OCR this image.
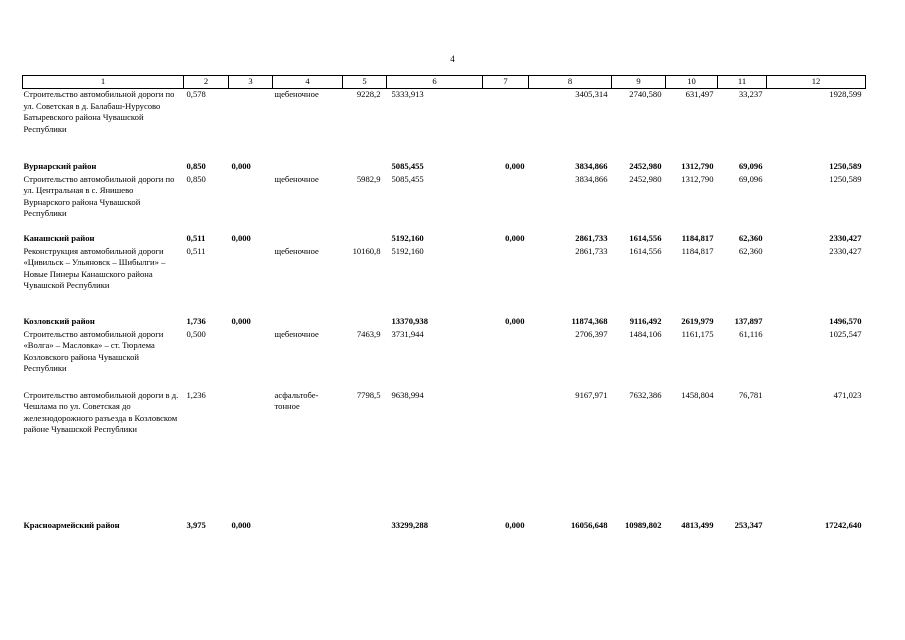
4
1	2	3	4	5	6	7	8	9	10	11	12
Строительство автомобильной дороги по ул. Советская в д. Балабаш-Нурусово Батыревского района Чувашской Республики	0,578		щебеночное	9228,2	5333,913		3405,314	2740,580	631,497	33,237	1928,599
Вурнарский район	0,850	0,000			5085,455	0,000	3834,866	2452,980	1312,790	69,096	1250,589
Строительство автомобильной дороги по ул. Центральная в с. Янишево Вурнарского района Чувашской Республики	0,850		щебеночное	5982,9	5085,455		3834,866	2452,980	1312,790	69,096	1250,589
Канашский район	0,511	0,000			5192,160	0,000	2861,733	1614,556	1184,817	62,360	2330,427
Реконструкция автомобильной дороги «Цивильск – Ульяновск – Шибылги» – Новые Пинеры Канашского района Чувашской Республики	0,511		щебеночное	10160,8	5192,160		2861,733	1614,556	1184,817	62,360	2330,427
Козловский район	1,736	0,000			13370,938	0,000	11874,368	9116,492	2619,979	137,897	1496,570
Строительство автомобильной дороги «Волга» – Масловка» – ст. Тюрлема Козловского района Чувашской Республики	0,500		щебеночное	7463,9	3731,944		2706,397	1484,106	1161,175	61,116	1025,547
Строительство автомобильной дороги в д. Чешлама по ул. Советская до железнодорожного разъезда в Козловском районе Чувашской Республики	1,236		асфальтобе-тонное	7798,5	9638,994		9167,971	7632,386	1458,804	76,781	471,023
Красноармейский район	3,975	0,000			33299,288	0,000	16056,648	10989,802	4813,499	253,347	17242,640
